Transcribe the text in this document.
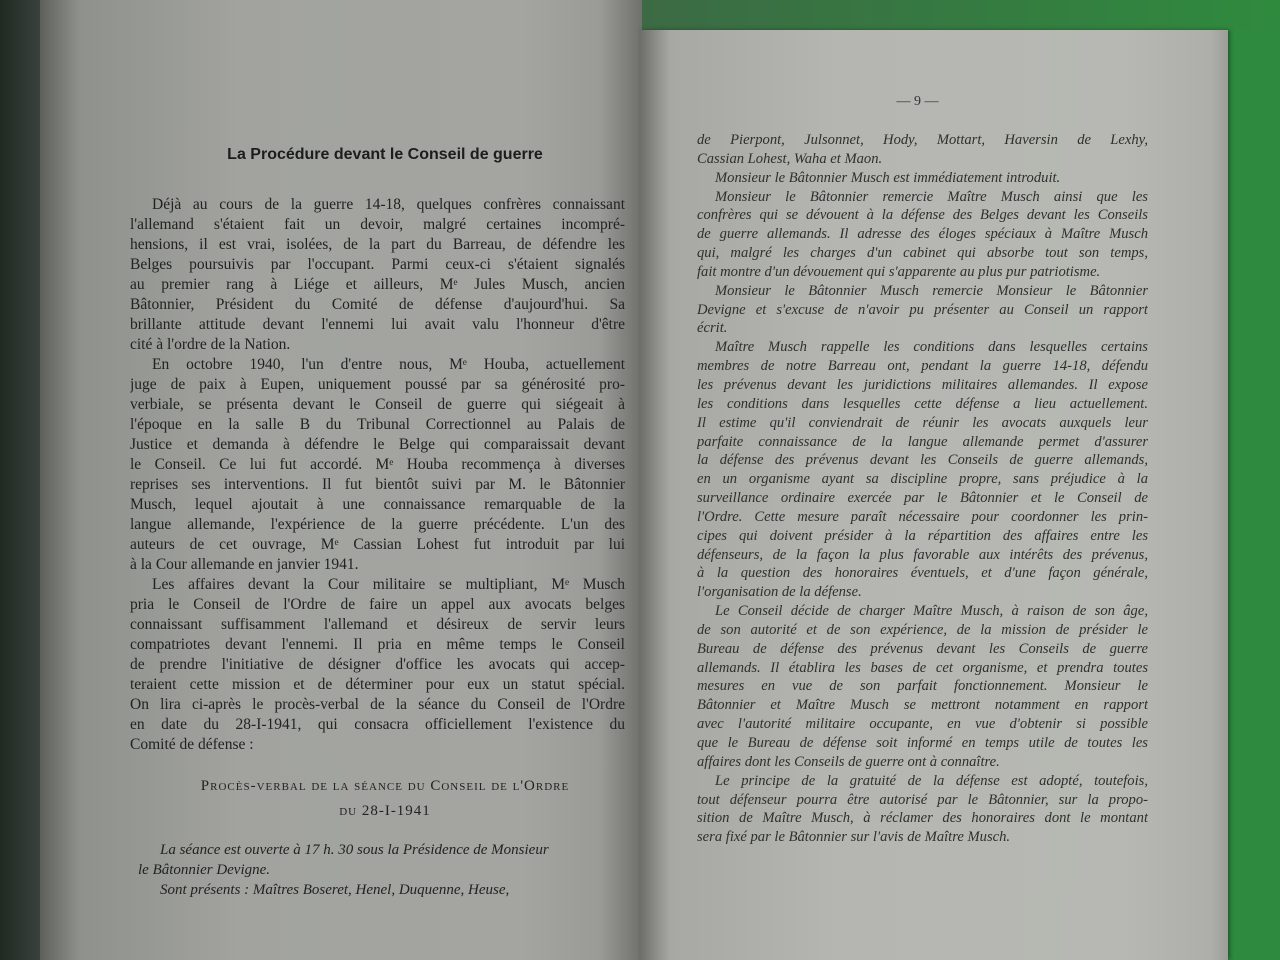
La Procédure devant le Conseil de guerre
Déjà au cours de la guerre 14-18, quelques confrères connaissant
l'allemand s'étaient fait un devoir, malgré certaines incompré-
hensions, il est vrai, isolées, de la part du Barreau, de défendre les
Belges poursuivis par l'occupant. Parmi ceux-ci s'étaient signalés
au premier rang à Liége et ailleurs, Mᵉ Jules Musch, ancien
Bâtonnier, Président du Comité de défense d'aujourd'hui. Sa
brillante attitude devant l'ennemi lui avait valu l'honneur d'être
cité à l'ordre de la Nation.
En octobre 1940, l'un d'entre nous, Mᵉ Houba, actuellement
juge de paix à Eupen, uniquement poussé par sa générosité pro-
verbiale, se présenta devant le Conseil de guerre qui siégeait à
l'époque en la salle B du Tribunal Correctionnel au Palais de
Justice et demanda à défendre le Belge qui comparaissait devant
le Conseil. Ce lui fut accordé. Mᵉ Houba recommença à diverses
reprises ses interventions. Il fut bientôt suivi par M. le Bâtonnier
Musch, lequel ajoutait à une connaissance remarquable de la
langue allemande, l'expérience de la guerre précédente. L'un des
auteurs de cet ouvrage, Mᵉ Cassian Lohest fut introduit par lui
à la Cour allemande en janvier 1941.
Les affaires devant la Cour militaire se multipliant, Mᵉ Musch
pria le Conseil de l'Ordre de faire un appel aux avocats belges
connaissant suffisamment l'allemand et désireux de servir leurs
compatriotes devant l'ennemi. Il pria en même temps le Conseil
de prendre l'initiative de désigner d'office les avocats qui accep-
teraient cette mission et de déterminer pour eux un statut spécial.
On lira ci-après le procès-verbal de la séance du Conseil de l'Ordre
en date du 28-I-1941, qui consacra officiellement l'existence du
Comité de défense :
Procès-verbal de la séance du Conseil de l'Ordre
du 28-I-1941
La séance est ouverte à 17 h. 30 sous la Présidence de Monsieur
le Bâtonnier Devigne.
Sont présents : Maîtres Boseret, Henel, Duquenne, Heuse,
— 9 —
de Pierpont, Julsonnet, Hody, Mottart, Haversin de Lexhy,
Cassian Lohest, Waha et Maon.
Monsieur le Bâtonnier Musch est immédiatement introduit.
Monsieur le Bâtonnier remercie Maître Musch ainsi que les
confrères qui se dévouent à la défense des Belges devant les Conseils
de guerre allemands. Il adresse des éloges spéciaux à Maître Musch
qui, malgré les charges d'un cabinet qui absorbe tout son temps,
fait montre d'un dévouement qui s'apparente au plus pur patriotisme.
Monsieur le Bâtonnier Musch remercie Monsieur le Bâtonnier
Devigne et s'excuse de n'avoir pu présenter au Conseil un rapport
écrit.
Maître Musch rappelle les conditions dans lesquelles certains
membres de notre Barreau ont, pendant la guerre 14-18, défendu
les prévenus devant les juridictions militaires allemandes. Il expose
les conditions dans lesquelles cette défense a lieu actuellement.
Il estime qu'il conviendrait de réunir les avocats auxquels leur
parfaite connaissance de la langue allemande permet d'assurer
la défense des prévenus devant les Conseils de guerre allemands,
en un organisme ayant sa discipline propre, sans préjudice à la
surveillance ordinaire exercée par le Bâtonnier et le Conseil de
l'Ordre. Cette mesure paraît nécessaire pour coordonner les prin-
cipes qui doivent présider à la répartition des affaires entre les
défenseurs, de la façon la plus favorable aux intérêts des prévenus,
à la question des honoraires éventuels, et d'une façon générale,
l'organisation de la défense.
Le Conseil décide de charger Maître Musch, à raison de son âge,
de son autorité et de son expérience, de la mission de présider le
Bureau de défense des prévenus devant les Conseils de guerre
allemands. Il établira les bases de cet organisme, et prendra toutes
mesures en vue de son parfait fonctionnement. Monsieur le
Bâtonnier et Maître Musch se mettront notamment en rapport
avec l'autorité militaire occupante, en vue d'obtenir si possible
que le Bureau de défense soit informé en temps utile de toutes les
affaires dont les Conseils de guerre ont à connaître.
Le principe de la gratuité de la défense est adopté, toutefois,
tout défenseur pourra être autorisé par le Bâtonnier, sur la propo-
sition de Maître Musch, à réclamer des honoraires dont le montant
sera fixé par le Bâtonnier sur l'avis de Maître Musch.
